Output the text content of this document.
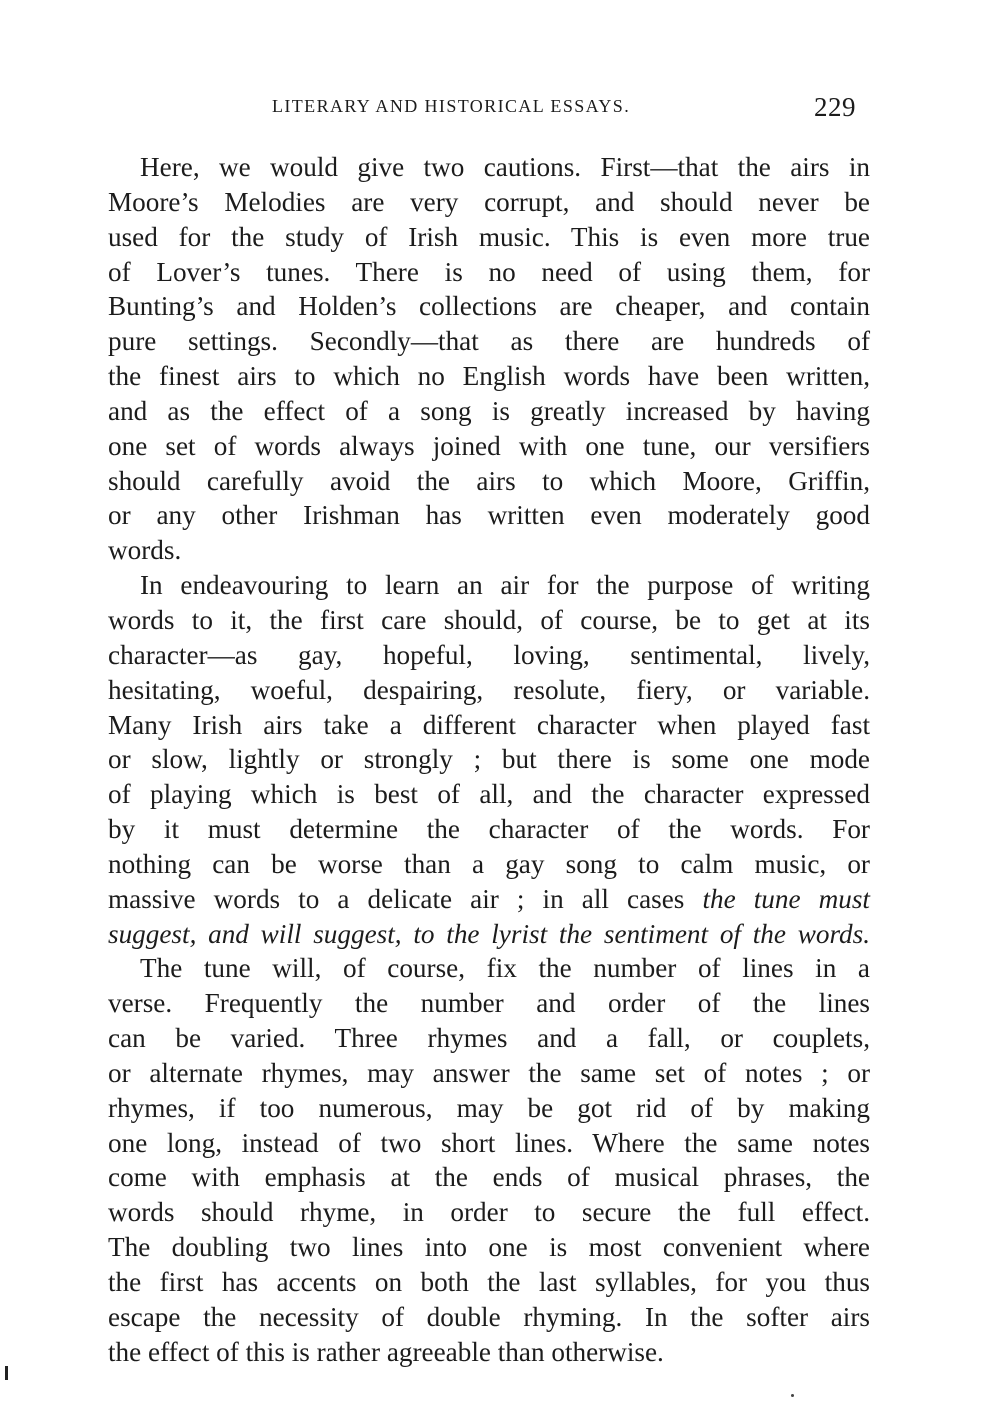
LITERARY AND HISTORICAL ESSAYS.	229
Here, we would give two cautions. First—that the airs in
Moore’s Melodies are very corrupt, and should never be
used for the study of Irish music. This is even more true
of Lover’s tunes. There is no need of using them, for
Bunting’s and Holden’s collections are cheaper, and contain
pure settings. Secondly—that as there are hundreds of
the finest airs to which no English words have been written,
and as the effect of a song is greatly increased by having
one set of words always joined with one tune, our versifiers
should carefully avoid the airs to which Moore, Griffin,
or any other Irishman has written even moderately good
words.
In endeavouring to learn an air for the purpose of writing
words to it, the first care should, of course, be to get at its
character—as gay, hopeful, loving, sentimental, lively,
hesitating, woeful, despairing, resolute, fiery, or variable.
Many Irish airs take a different character when played fast
or slow, lightly or strongly ; but there is some one mode
of playing which is best of all, and the character expressed
by it must determine the character of the words. For
nothing can be worse than a gay song to calm music, or
massive words to a delicate air ; in all cases the tune must
suggest, and will suggest, to the lyrist the sentiment of the words.
The tune will, of course, fix the number of lines in a
verse. Frequently the number and order of the lines
can be varied. Three rhymes and a fall, or couplets,
or alternate rhymes, may answer the same set of notes ; or
rhymes, if too numerous, may be got rid of by making
one long, instead of two short lines. Where the same notes
come with emphasis at the ends of musical phrases, the
words should rhyme, in order to secure the full effect.
The doubling two lines into one is most convenient where
the first has accents on both the last syllables, for you thus
escape the necessity of double rhyming. In the softer airs
the effect of this is rather agreeable than otherwise.
